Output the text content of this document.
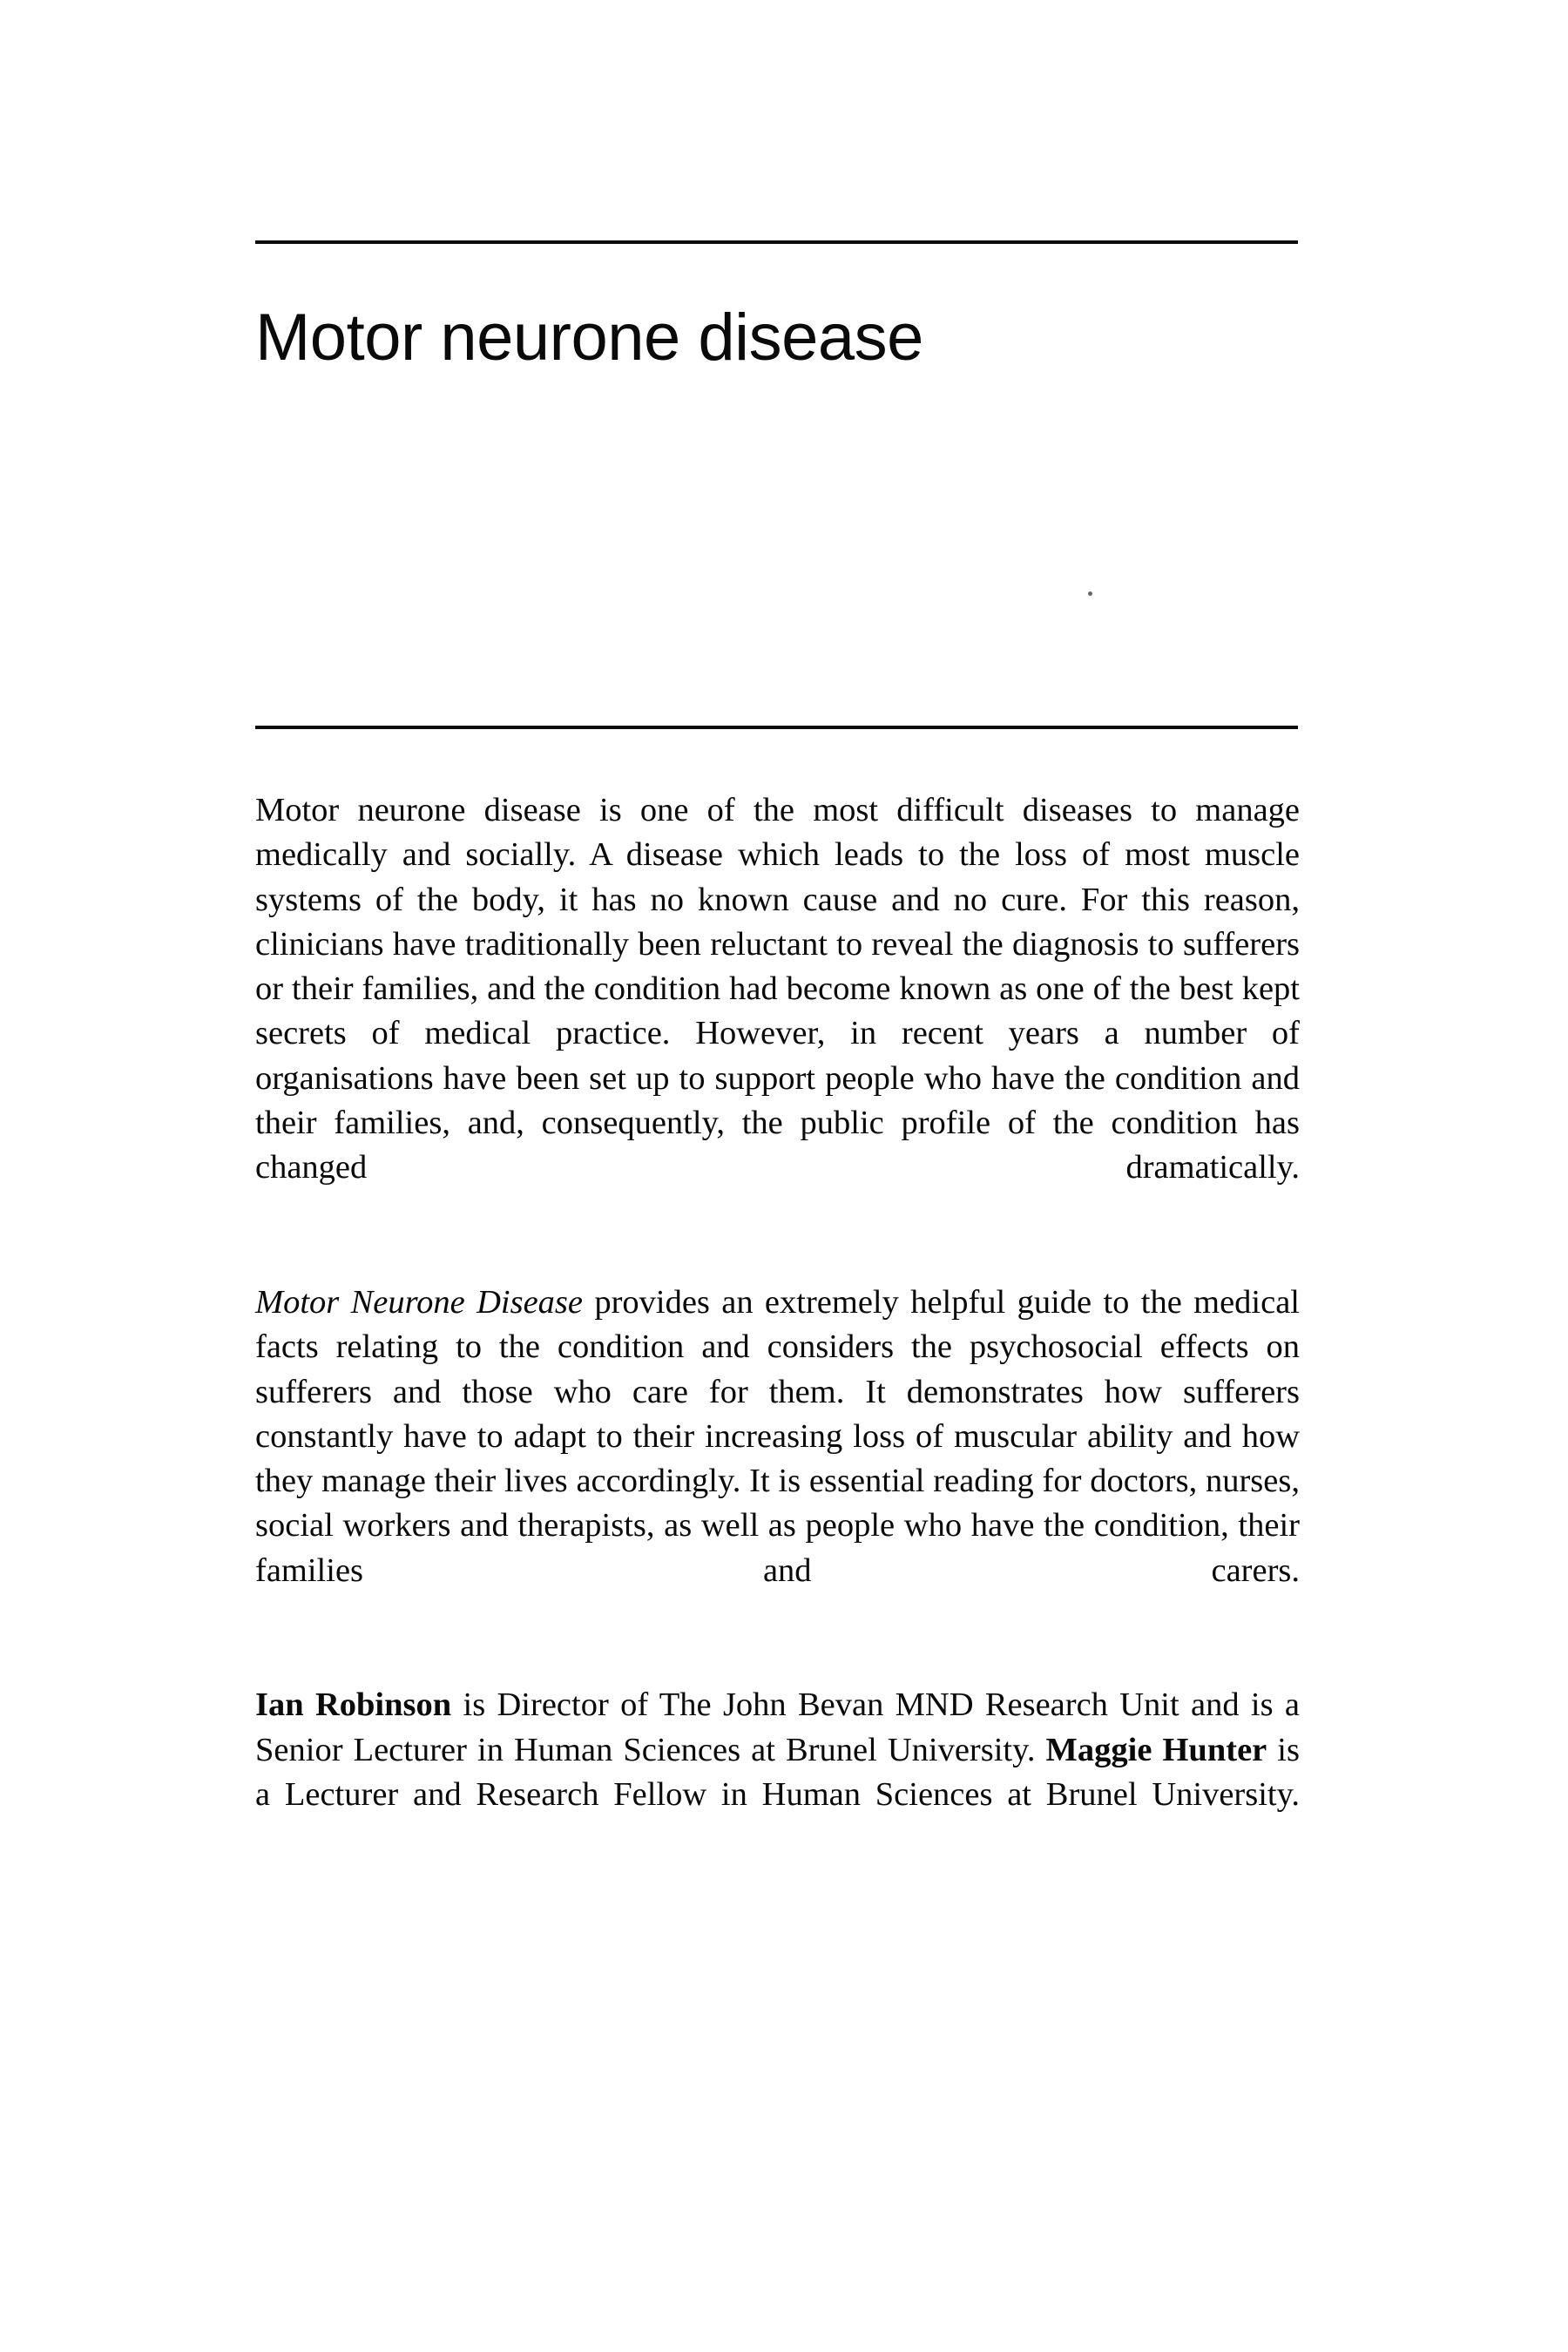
Motor neurone disease

Motor neurone disease is one of the most difficult diseases to manage medically and socially. A disease which leads to the loss of most muscle systems of the body, it has no known cause and no cure. For this reason, clinicians have traditionally been reluctant to reveal the diagnosis to sufferers or their families, and the condition had become known as one of the best kept secrets of medical practice. However, in recent years a number of organisations have been set up to support people who have the condition and their families, and, consequently, the public profile of the condition has changed dramatically.

Motor Neurone Disease provides an extremely helpful guide to the medical facts relating to the condition and considers the psychosocial effects on sufferers and those who care for them. It demonstrates how sufferers constantly have to adapt to their increasing loss of muscular ability and how they manage their lives accordingly. It is essential reading for doctors, nurses, social workers and therapists, as well as people who have the condition, their families and carers.

Ian Robinson is Director of The John Bevan MND Research Unit and is a Senior Lecturer in Human Sciences at Brunel University. Maggie Hunter is a Lecturer and Research Fellow in Human Sciences at Brunel University.
